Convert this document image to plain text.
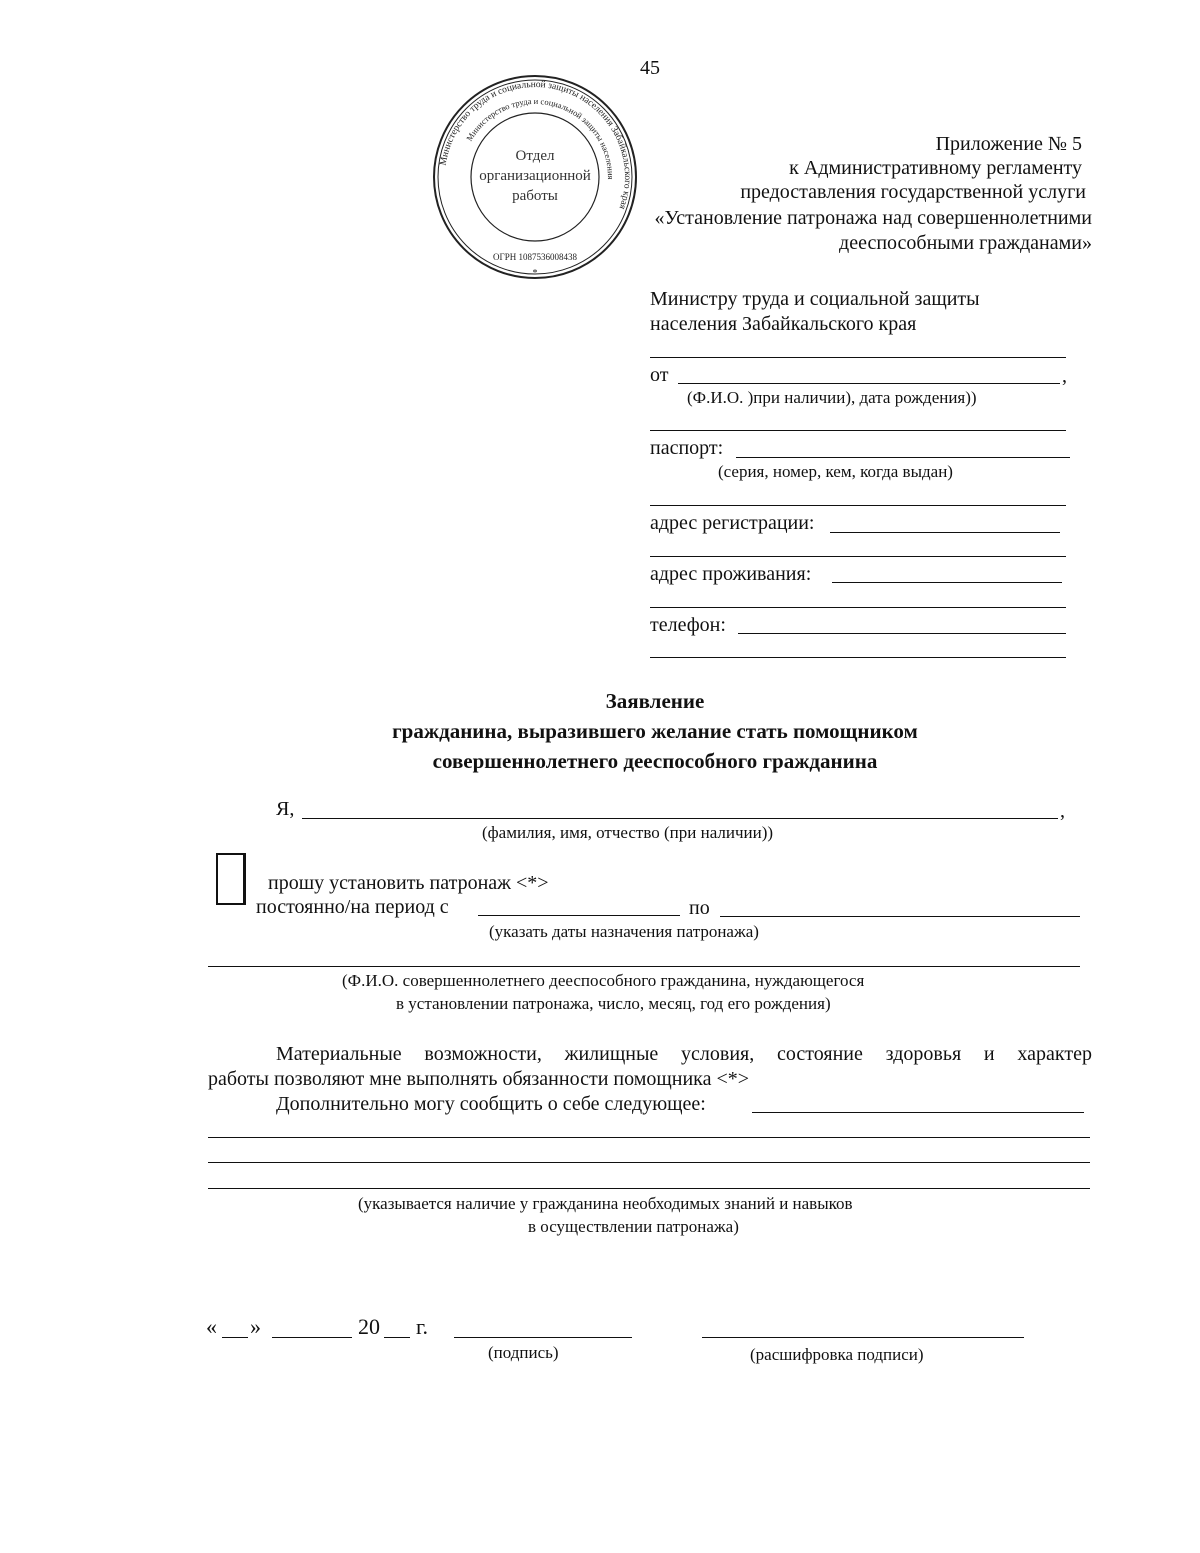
45
Министерство труда и социальной защиты населения Забайкальского края
Министерство труда и социальной защиты населения
ОГРН 1087536008438
Отдел
организационной
работы
*
Приложение № 5
к Административному регламенту
предоставления государственной услуги
«Установление патронажа над совершеннолетними
дееспособными гражданами»
Министру труда и социальной защиты
населения Забайкальского края
от	,
(Ф.И.О. )при наличии), дата рождения))
паспорт:
(серия, номер, кем, когда выдан)
адрес регистрации:
адрес проживания:
телефон:
Заявление
гражданина, выразившего желание стать помощником
совершеннолетнего дееспособного гражданина
Я,	,
(фамилия, имя, отчество (при наличии))
прошу установить патронаж <*>
постоянно/на период с	по
(указать даты назначения патронажа)
(Ф.И.О. совершеннолетнего дееспособного гражданина, нуждающегося
в установлении патронажа, число, месяц, год его рождения)
Материальные возможности, жилищные условия, состояние здоровья и характер
работы позволяют мне выполнять обязанности помощника <*>
Дополнительно могу сообщить о себе следующее:
(указывается наличие у гражданина необходимых знаний и навыков
в осуществлении патронажа)
« »	20 г.
(подпись)	(расшифровка подписи)
